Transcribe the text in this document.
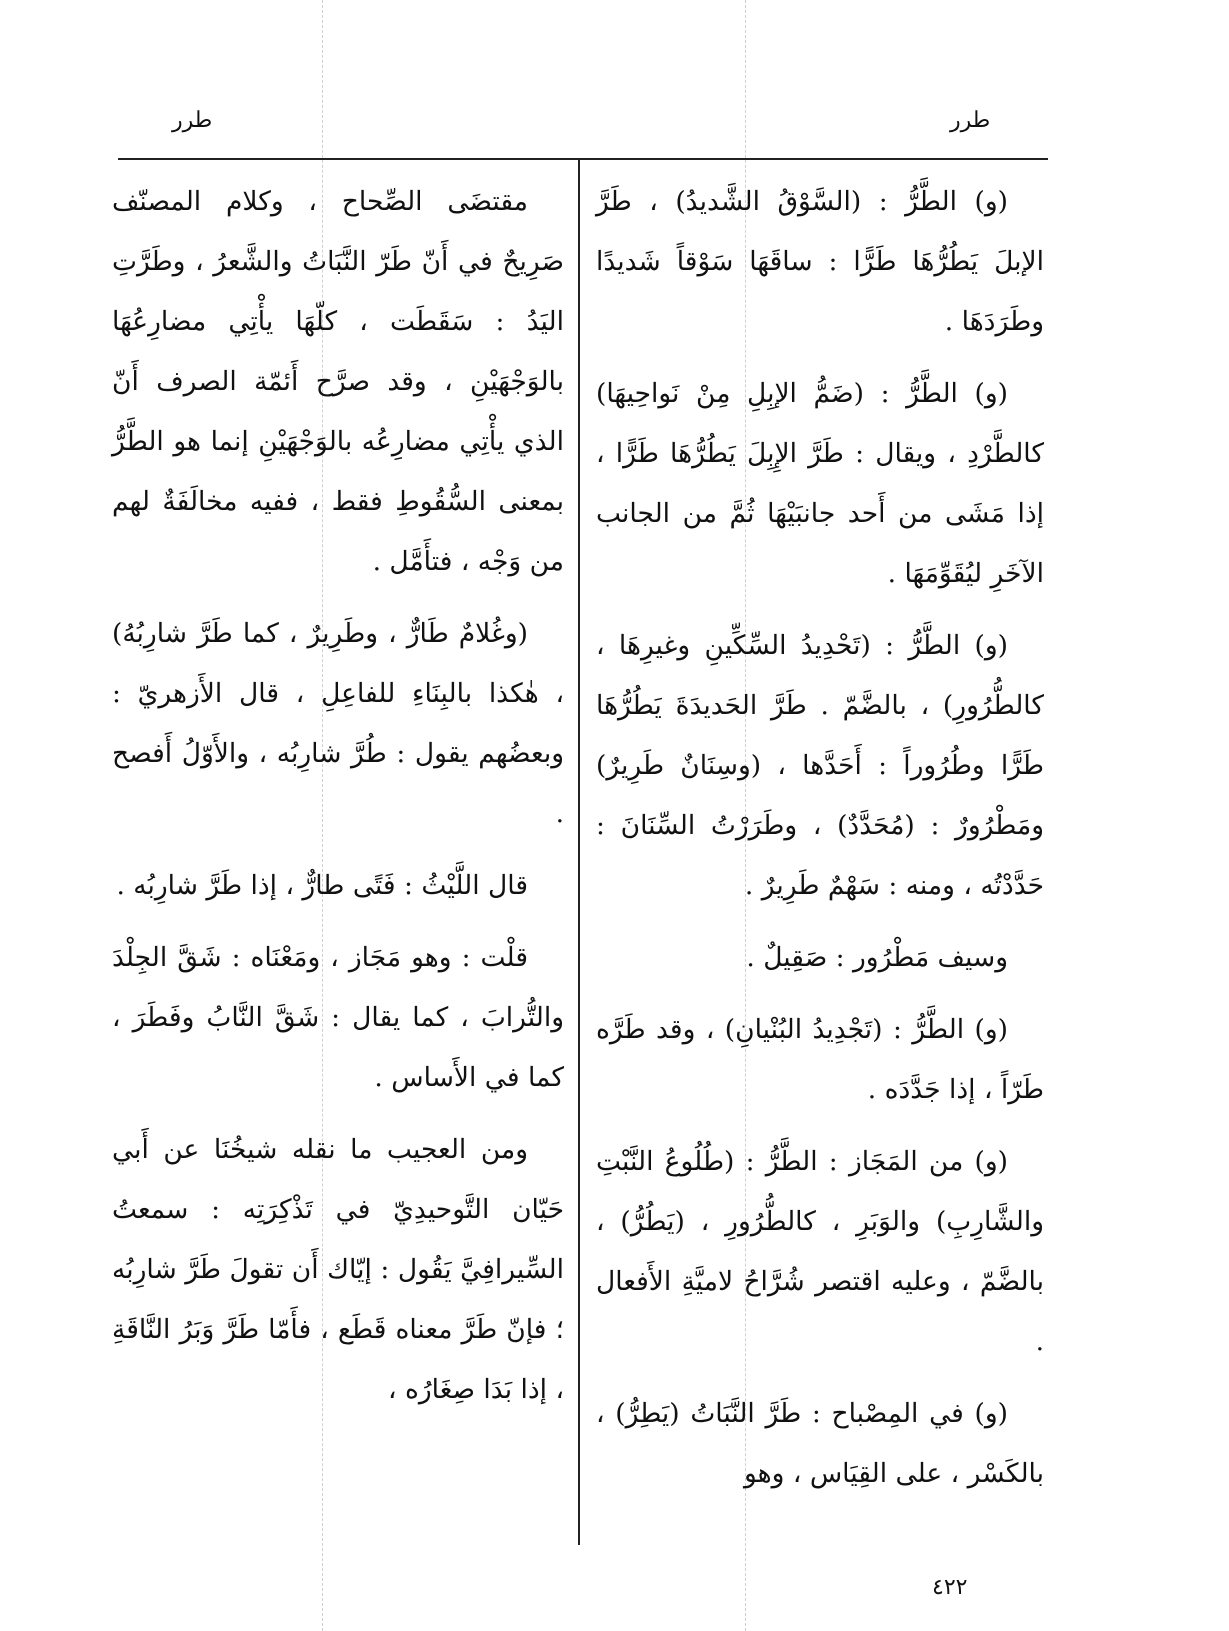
طرر	طرر

(و) الطَّرُّ : (السَّوْقُ الشَّديدُ) ، طَرَّ الإبلَ يَطُرُّهَا طَرًّا : ساقَهَا سَوْقاً شَديدًا وطَرَدَهَا .

(و) الطَّرُّ : (ضَمُّ الإبِلِ مِنْ نَواحِيهَا) كالطَّرْدِ ، ويقال : طَرَّ الإِبِلَ يَطُرُّهَا طَرًّا ، إذا مَشَى من أَحد جانبَيْهَا ثُمَّ من الجانب الآخَرِ ليُقَوِّمَهَا .

(و) الطَّرُّ : (تَحْدِيدُ السِّكِّينِ وغيرِهَا ، كالطُّرُورِ) ، بالضَّمّ . طَرَّ الحَديدَةَ يَطُرُّهَا طَرًّا وطُرُوراً : أَحَدَّها ، (وسِنَانٌ طَرِيرٌ) ومَطْرُورٌ : (مُحَدَّدٌ) ، وطَرَرْتُ السِّنَانَ : حَدَّدْتُه ، ومنه : سَهْمٌ طَرِيرٌ .

وسيف مَطْرُور : صَقِيلٌ .

(و) الطَّرُّ : (تَجْدِيدُ البُنْيانِ) ، وقد طَرَّه طَرّاً ، إذا جَدَّدَه .

(و) من المَجَاز : الطَّرُّ : (طُلُوعُ النَّبْتِ والشَّارِبِ) والوَبَرِ ، كالطُّرُورِ ، (يَطُرُّ) ، بالضَّمّ ، وعليه اقتصر شُرَّاحُ لاميَّةِ الأَفعال .

(و) في المِصْباح : طَرَّ النَّبَاتُ (يَطِرُّ) ، بالكَسْر ، على القِيَاس ، وهو

مقتضَى الصِّحاح ، وكلام المصنّف صَرِيحٌ في أَنّ طَرّ النَّبَاتُ والشَّعرُ ، وطَرَّتِ اليَدُ : سَقَطَت ، كلّهَا يأْتِي مضارِعُهَا بالوَجْهَيْنِ ، وقد صرَّح أَئمّة الصرف أَنّ الذي يأْتِي مضارِعُه بالوَجْهَيْنِ إنما هو الطَّرُّ بمعنى السُّقُوطِ فقط ، ففيه مخالَفَةٌ لهم من وَجْه ، فتأَمَّل .

(وغُلامٌ طَارٌّ ، وطَرِيرٌ ، كما طَرَّ شارِبُهُ) ، هٰكذا بالبِنَاءِ للفاعِلِ ، قال الأَزهريّ : وبعضُهم يقول : طُرَّ شارِبُه ، والأَوّلُ أَفصح .

قال اللَّيْثُ : فَتًى طارٌّ ، إذا طَرَّ شارِبُه .

قلْت : وهو مَجَاز ، ومَعْنَاه : شَقَّ الجِلْدَ والتُّرابَ ، كما يقال : شَقَّ النَّابُ وفَطَرَ ، كما في الأَساس .

ومن العجيب ما نقله شيخُنَا عن أَبي حَيّان التَّوحيدِيّ في تَذْكِرَتِه : سمعتُ السِّيرافِيَّ يَقُول : إيّاك أَن تقولَ طَرَّ شارِبُه ؛ فإنّ طَرَّ معناه قَطَع ، فأَمّا طَرَّ وَبَرُ النَّاقَةِ ، إذا بَدَا صِغَارُه ،

٤٢٢
